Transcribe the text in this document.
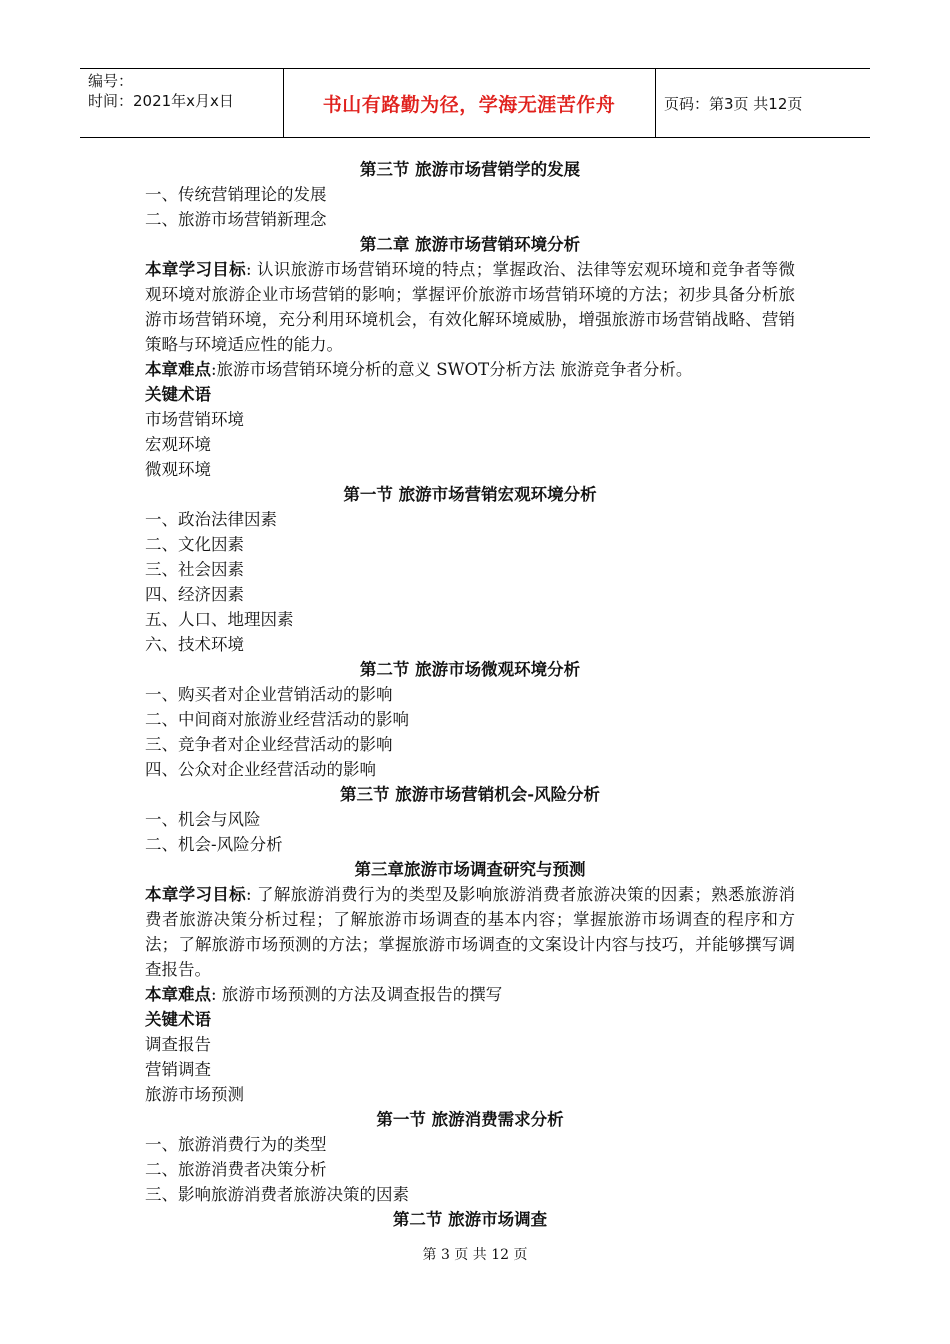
编号：
时间：2021年x月x日	书山有路勤为径，学海无涯苦作舟	页码：第3页 共12页
第三节 旅游市场营销学的发展
一、传统营销理论的发展
二、旅游市场营销新理念
第二章 旅游市场营销环境分析
本章学习目标: 认识旅游市场营销环境的特点；掌握政治、法律等宏观环境和竞争者等微观环境对旅游企业市场营销的影响；掌握评价旅游市场营销环境的方法；初步具备分析旅游市场营销环境，充分利用环境机会，有效化解环境威胁，增强旅游市场营销战略、营销策略与环境适应性的能力。
本章难点:旅游市场营销环境分析的意义 SWOT分析方法 旅游竞争者分析。
关键术语
市场营销环境
宏观环境
微观环境
第一节 旅游市场营销宏观环境分析
一、政治法律因素
二、文化因素
三、社会因素
四、经济因素
五、人口、地理因素
六、技术环境
第二节 旅游市场微观环境分析
一、购买者对企业营销活动的影响
二、中间商对旅游业经营活动的影响
三、竞争者对企业经营活动的影响
四、公众对企业经营活动的影响
第三节 旅游市场营销机会-风险分析
一、机会与风险
二、机会-风险分析
第三章旅游市场调查研究与预测
本章学习目标: 了解旅游消费行为的类型及影响旅游消费者旅游决策的因素；熟悉旅游消费者旅游决策分析过程；了解旅游市场调查的基本内容；掌握旅游市场调查的程序和方法；了解旅游市场预测的方法；掌握旅游市场调查的文案设计内容与技巧，并能够撰写调查报告。
本章难点: 旅游市场预测的方法及调查报告的撰写
关键术语
调查报告
营销调查
旅游市场预测
第一节 旅游消费需求分析
一、旅游消费行为的类型
二、旅游消费者决策分析
三、影响旅游消费者旅游决策的因素
第二节 旅游市场调查
第 3 页 共 12 页
